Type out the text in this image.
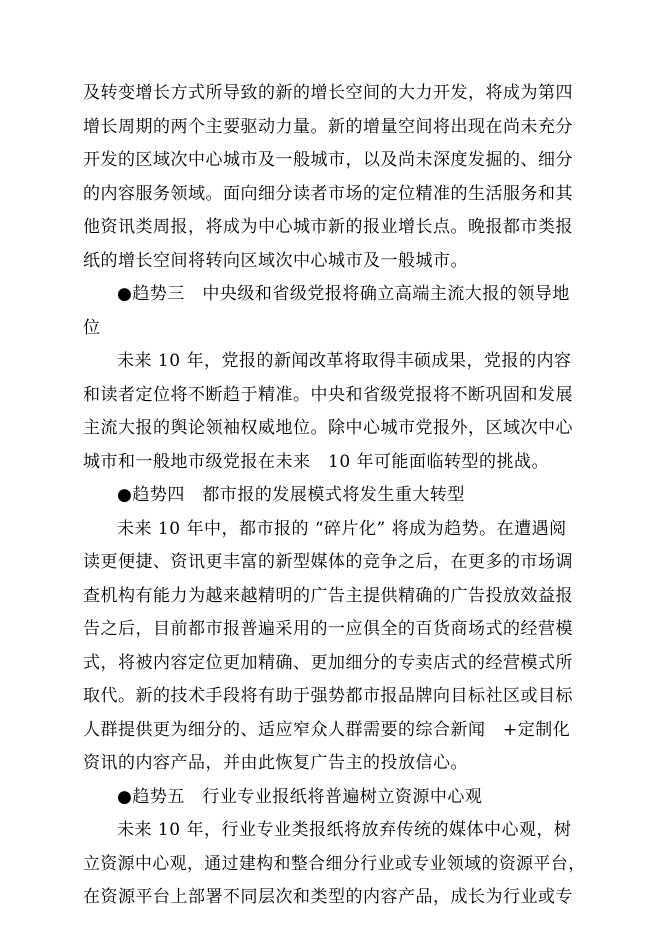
及转变增长方式所导致的新的增长空间的大力开发，将成为第四
增长周期的两个主要驱动力量。新的增量空间将出现在尚未充分
开发的区域次中心城市及一般城市，以及尚未深度发掘的、细分
的内容服务领域。面向细分读者市场的定位精准的生活服务和其
他资讯类周报，将成为中心城市新的报业增长点。晚报都市类报
纸的增长空间将转向区域次中心城市及一般城市。
●趋势三　中央级和省级党报将确立高端主流大报的领导地
位
未来 10 年，党报的新闻改革将取得丰硕成果，党报的内容
和读者定位将不断趋于精准。中央和省级党报将不断巩固和发展
主流大报的舆论领袖权威地位。除中心城市党报外，区域次中心
城市和一般地市级党报在未来　10 年可能面临转型的挑战。
●趋势四　都市报的发展模式将发生重大转型
未来 10 年中，都市报的 “碎片化” 将成为趋势。在遭遇阅
读更便捷、资讯更丰富的新型媒体的竞争之后，在更多的市场调
查机构有能力为越来越精明的广告主提供精确的广告投放效益报
告之后，目前都市报普遍采用的一应俱全的百货商场式的经营模
式，将被内容定位更加精确、更加细分的专卖店式的经营模式所
取代。新的技术手段将有助于强势都市报品牌向目标社区或目标
人群提供更为细分的、适应窄众人群需要的综合新闻　+定制化
资讯的内容产品，并由此恢复广告主的投放信心。
●趋势五　行业专业报纸将普遍树立资源中心观
未来 10 年，行业专业类报纸将放弃传统的媒体中心观，树
立资源中心观，通过建构和整合细分行业或专业领域的资源平台，
在资源平台上部署不同层次和类型的内容产品，成长为行业或专
